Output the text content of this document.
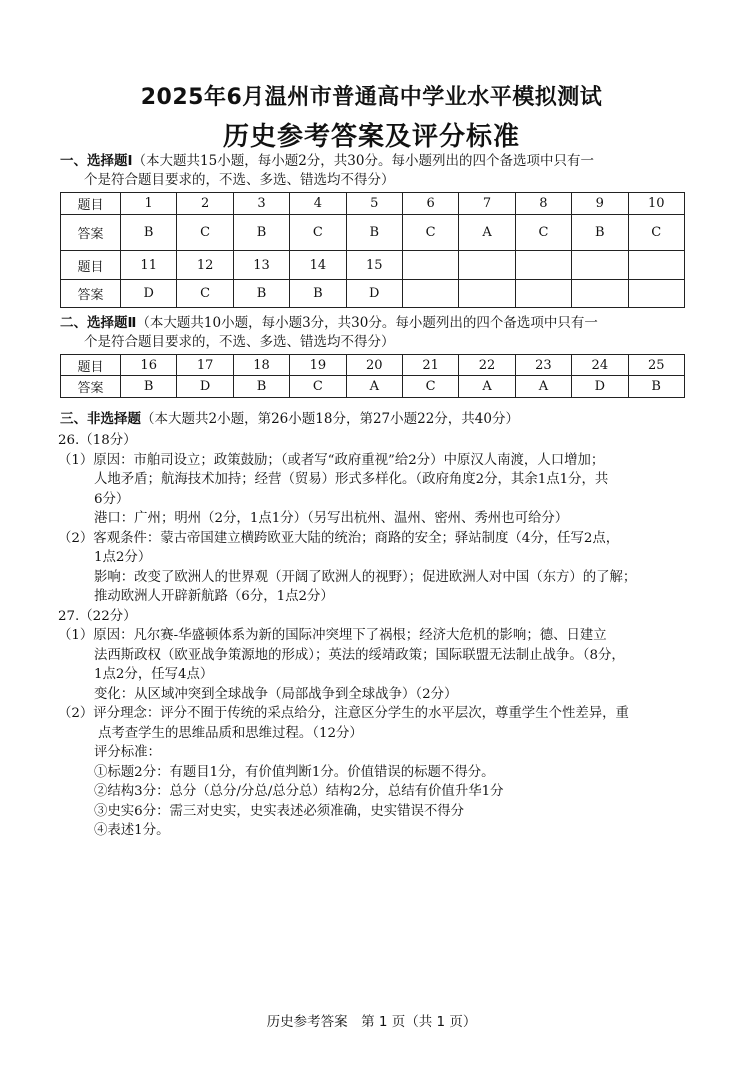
2025年6月温州市普通高中学业水平模拟测试
历史参考答案及评分标准
一、选择题Ⅰ（本大题共15小题，每小题2分，共30分。每小题列出的四个备选项中只有一
个是符合题目要求的，不选、多选、错选均不得分）
题目	1	2	3	4	5	6	7	8	9	10
答案	B	C	B	C	B	C	A	C	B	C
题目	11	12	13	14	15					
答案	D	C	B	B	D					
二、选择题Ⅱ（本大题共10小题，每小题3分，共30分。每小题列出的四个备选项中只有一
个是符合题目要求的，不选、多选、错选均不得分）
题目	16	17	18	19	20	21	22	23	24	25
答案	B	D	B	C	A	C	A	A	D	B
三、非选择题（本大题共2小题，第26小题18分，第27小题22分，共40分）

26.（18分）

（1）原因：市舶司设立；政策鼓励；（或者写“政府重视”给2分）中原汉人南渡，人口增加；

人地矛盾；航海技术加持；经营（贸易）形式多样化。（政府角度2分，其余1点1分，共

6分）

港口：广州；明州（2分，1点1分）（另写出杭州、温州、密州、秀州也可给分）

（2）客观条件：蒙古帝国建立横跨欧亚大陆的统治；商路的安全；驿站制度（4分，任写2点，

1点2分）

影响：改变了欧洲人的世界观（开阔了欧洲人的视野）；促进欧洲人对中国（东方）的了解；

推动欧洲人开辟新航路（6分，1点2分）

27.（22分）

（1）原因：凡尔赛-华盛顿体系为新的国际冲突埋下了祸根；经济大危机的影响；德、日建立

法西斯政权（欧亚战争策源地的形成）；英法的绥靖政策；国际联盟无法制止战争。（8分，

1点2分，任写4点）

变化：从区域冲突到全球战争（局部战争到全球战争）（2分）

（2）评分理念：评分不囿于传统的采点给分，注意区分学生的水平层次，尊重学生个性差异，重

点考查学生的思维品质和思维过程。（12分）

评分标准：

①标题2分：有题目1分，有价值判断1分。价值错误的标题不得分。

②结构3分：总分（总分/分总/总分总）结构2分，总结有价值升华1分

③史实6分：需三对史实，史实表述必须准确，史实错误不得分

④表述1分。

历史参考答案　第 1 页（共 1 页）
